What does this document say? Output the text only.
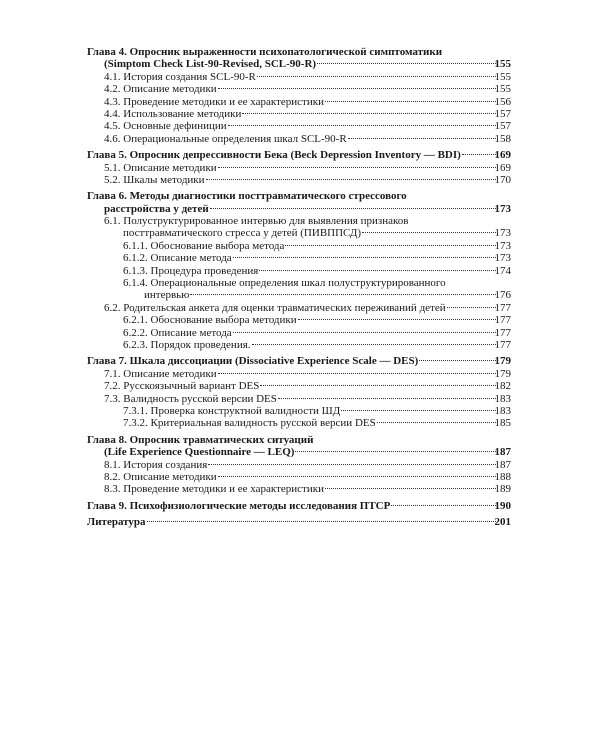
Глава 4. Опросник выраженности психопатологической симптоматики
(Simptom Check List-90-Revised, SCL-90-R)	155
4.1. История создания SCL-90-R	155
4.2. Описание методики	155
4.3. Проведение методики и ее характеристики	156
4.4. Использование методики	157
4.5. Основные дефиниции	157
4.6. Операциональные определения шкал SCL-90-R	158
Глава 5. Опросник депрессивности Бека (Beck Depression Inventory — BDI)	169
5.1. Описание методики	169
5.2. Шкалы методики	170
Глава 6. Методы диагностики посттравматического стрессового
расстройства у детей	173
6.1. Полуструктурированное интервью для выявления признаков
посттравматического стресса у детей (ПИВППСД)	173
6.1.1. Обоснование выбора метода	173
6.1.2. Описание метода	173
6.1.3. Процедура проведения	174
6.1.4. Операциональные определения шкал полуструктурированного
интервью	176
6.2. Родительская анкета для оценки травматических переживаний детей	177
6.2.1. Обоснование выбора методики	177
6.2.2. Описание метода	177
6.2.3. Порядок проведения.	177
Глава 7. Шкала диссоциации (Dissociative Experience Scale — DES)	179
7.1. Описание методики	179
7.2. Русскоязычный вариант DES	182
7.3. Валидность русской версии DES	183
7.3.1. Проверка конструктной валидности ШД	183
7.3.2. Критериальная валидность русской версии DES	185
Глава 8. Опросник травматических ситуаций
(Life Experience Questionnaire — LEQ)	187
8.1. История создания	187
8.2. Описание методики	188
8.3. Проведение методики и ее характеристики	189
Глава 9. Психофизиологические методы исследования ПТСР	190
Литература	201
